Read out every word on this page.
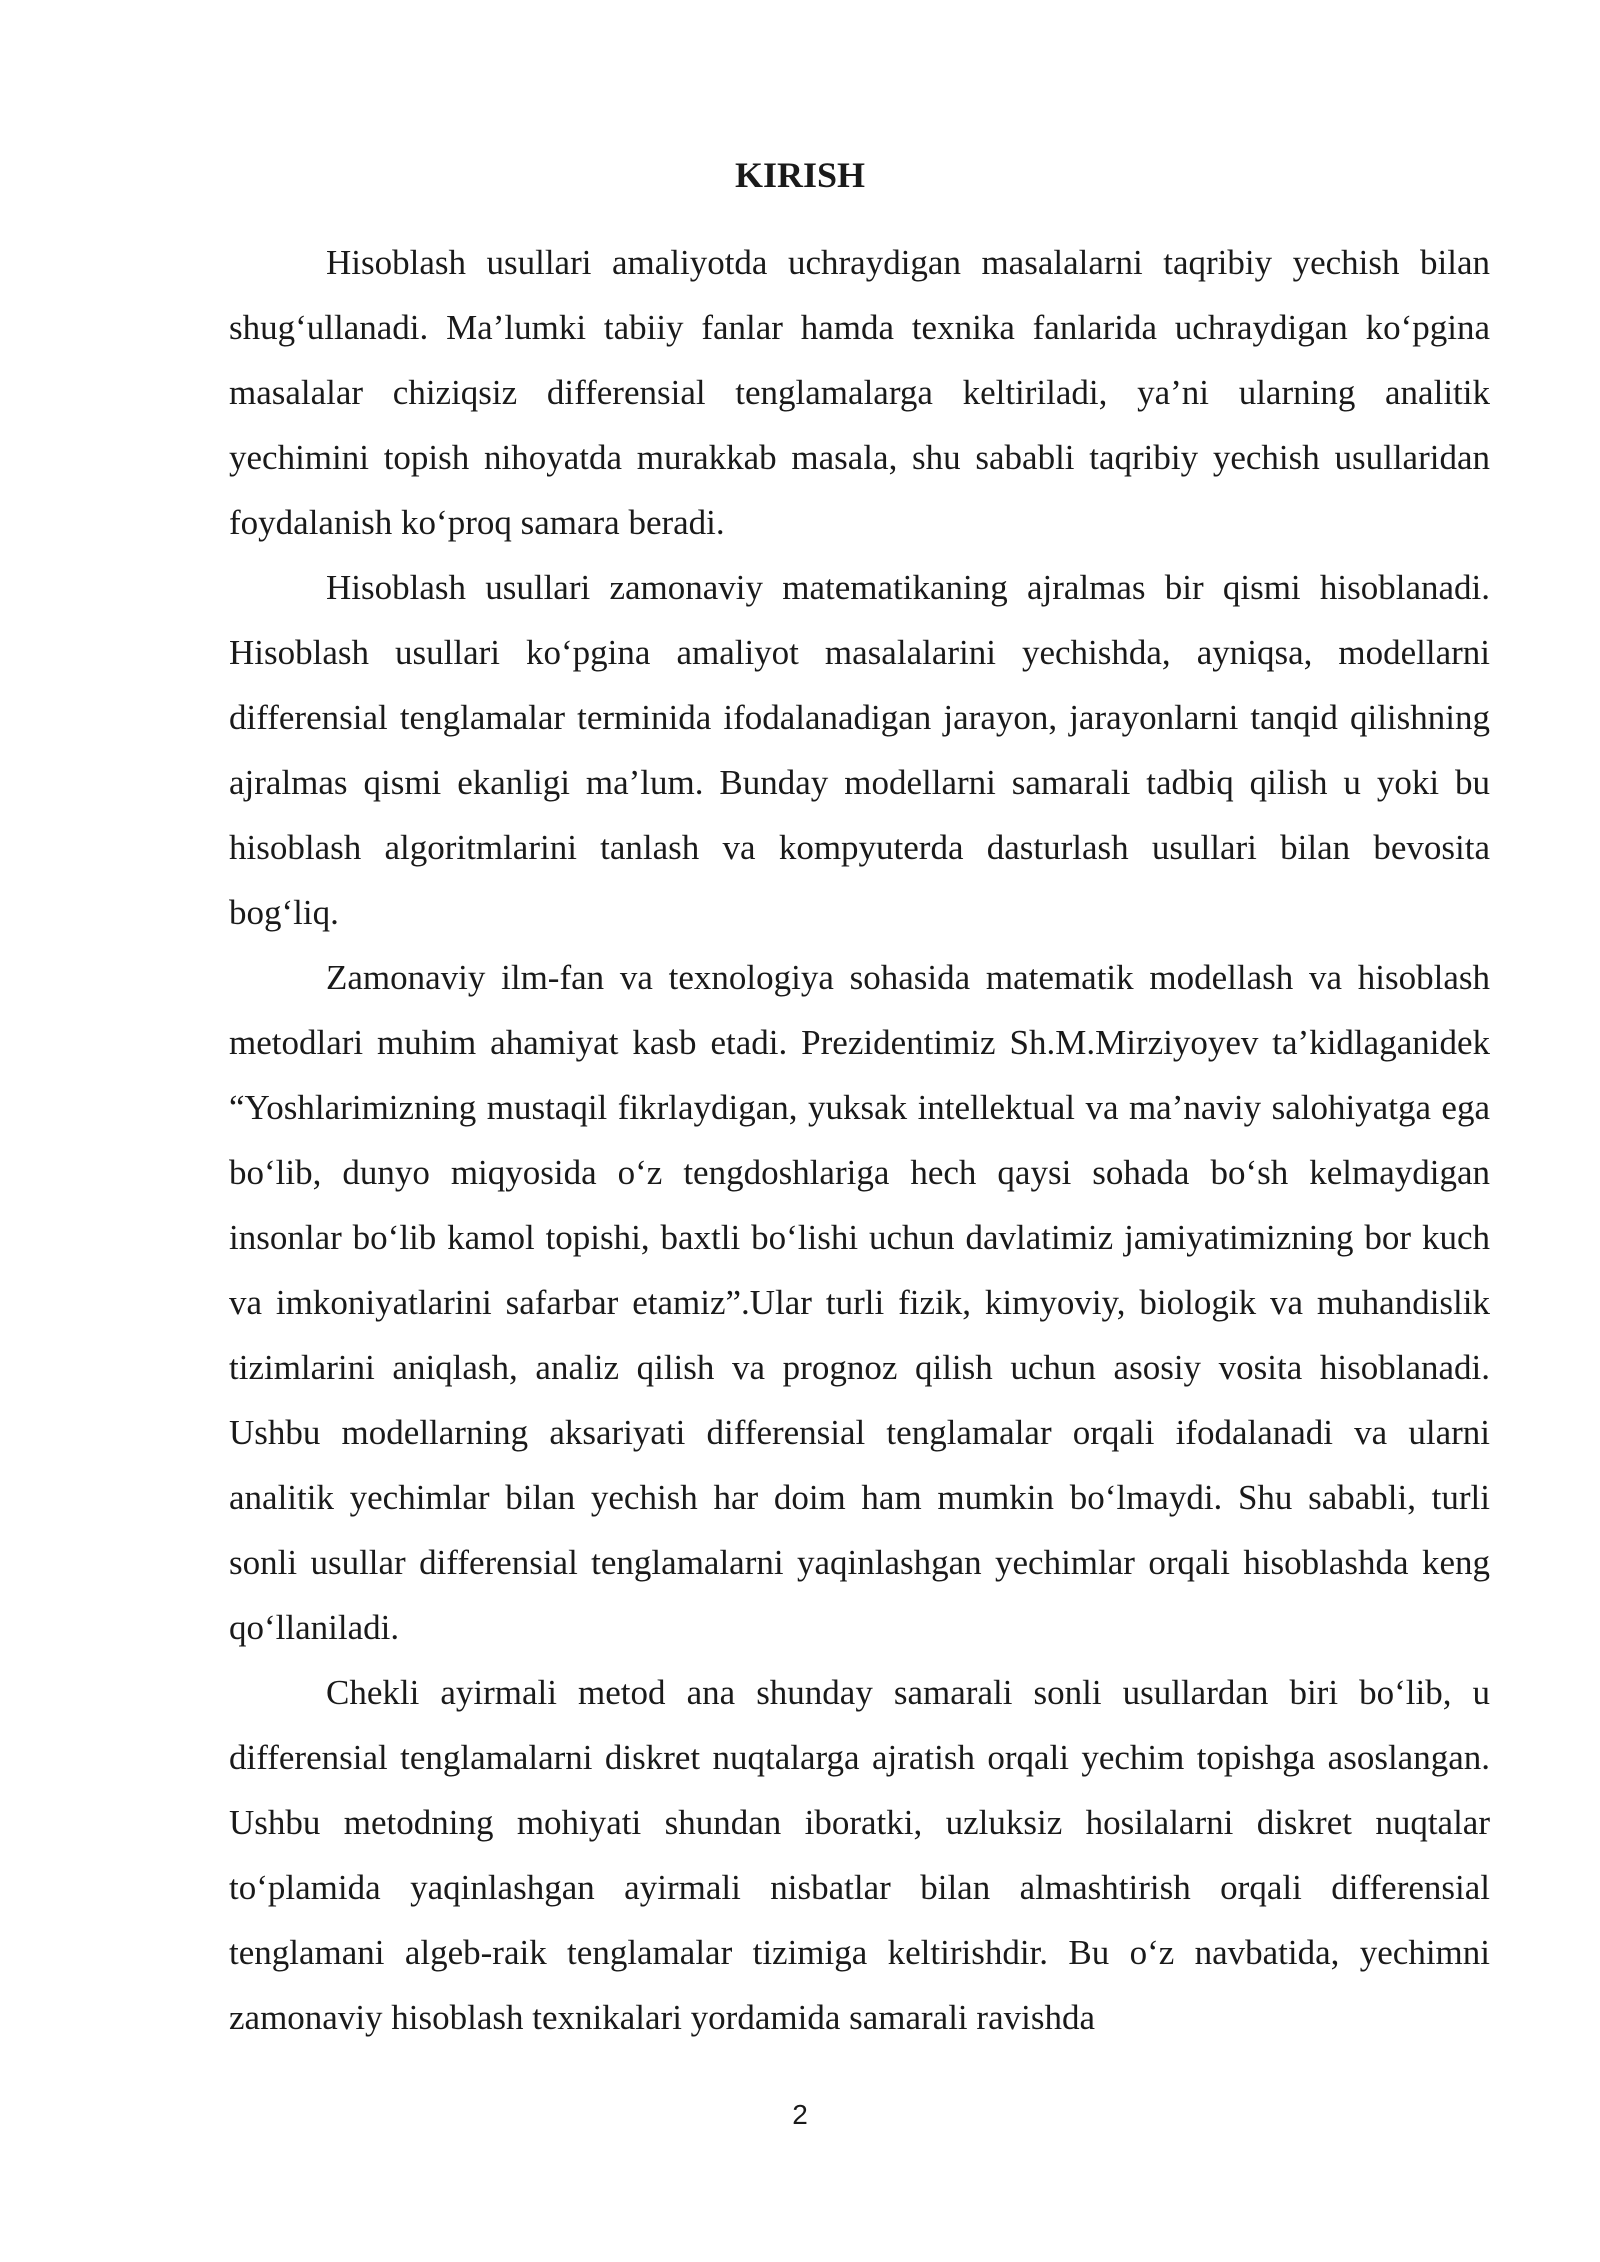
KIRISH

Hisoblash usullari amaliyotda uchraydigan masalalarni taqribiy yechish bilan shug‘ullanadi. Ma’lumki tabiiy fanlar hamda texnika fanlarida uchraydigan ko‘pgina masalalar chiziqsiz differensial tenglamalarga keltiriladi, ya’ni ularning analitik yechimini topish nihoyatda murakkab masala, shu sababli taqribiy yechish usullaridan foydalanish ko‘proq samara beradi.

Hisoblash usullari zamonaviy matematikaning ajralmas bir qismi hisoblanadi. Hisoblash usullari ko‘pgina amaliyot masalalarini yechishda, ayniqsa, modellarni differensial tenglamalar terminida ifodalanadigan jarayon, jarayonlarni tanqid qilishning ajralmas qismi ekanligi ma’lum. Bunday modellarni samarali tadbiq qilish u yoki bu hisoblash algoritmlarini tanlash va kompyuterda dasturlash usullari bilan bevosita bog‘liq.

Zamonaviy ilm-fan va texnologiya sohasida matematik modellash va hisoblash metodlari muhim ahamiyat kasb etadi. Prezidentimiz Sh.M.Mirziyoyev ta’kidlaganidek “Yoshlarimizning mustaqil fikrlaydigan, yuksak intellektual va ma’naviy salohiyatga ega bo‘lib, dunyo miqyosida o‘z tengdoshlariga hech qaysi sohada bo‘sh kelmaydigan insonlar bo‘lib kamol topishi, baxtli bo‘lishi uchun davlatimiz jamiyatimizning bor kuch va imkoniyatlarini safarbar etamiz”.Ular turli fizik, kimyoviy, biologik va muhandislik tizimlarini aniqlash, analiz qilish va prognoz qilish uchun asosiy vosita hisoblanadi. Ushbu modellarning aksariyati differensial tenglamalar orqali ifodalanadi va ularni analitik yechimlar bilan yechish har doim ham mumkin bo‘lmaydi. Shu sababli, turli sonli usullar differensial tenglamalarni yaqinlashgan yechimlar orqali hisoblashda keng qo‘llaniladi.

Chekli ayirmali metod ana shunday samarali sonli usullardan biri bo‘lib, u differensial tenglamalarni diskret nuqtalarga ajratish orqali yechim topishga asoslangan. Ushbu metodning mohiyati shundan iboratki, uzluksiz hosilalarni diskret nuqtalar to‘plamida yaqinlashgan ayirmali nisbatlar bilan almashtirish orqali differensial tenglamani algeb-raik tenglamalar tizimiga keltirishdir. Bu o‘z navbatida, yechimni zamonaviy hisoblash texnikalari yordamida samarali ravishda

2
